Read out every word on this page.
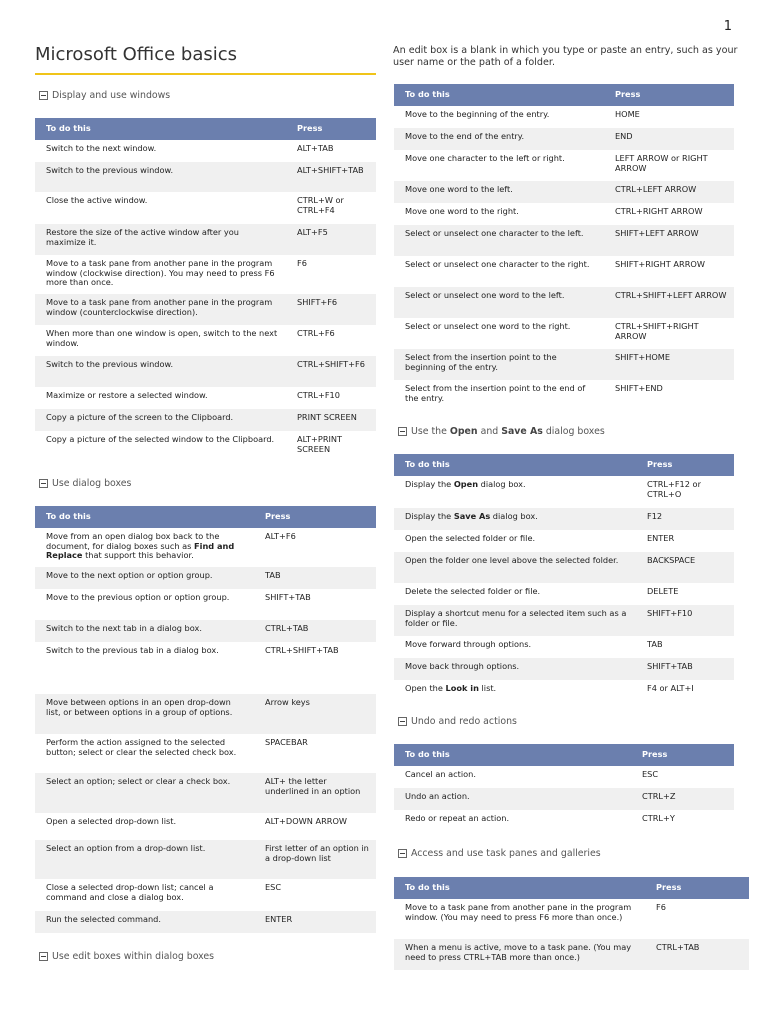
1
Microsoft Office basics	An edit box is a blank in which you type or paste an entry, such as your user name or the path of a folder.
Display and use windows
To do this	Press
Switch to the next window.	ALT+TAB
Switch to the previous window.	ALT+SHIFT+TAB
Close the active window.	CTRL+W or CTRL+F4
Restore the size of the active window after you maximize it.	ALT+F5
Move to a task pane from another pane in the program window (clockwise direction). You may need to press F6 more than once.	F6
Move to a task pane from another pane in the program window (counterclockwise direction).	SHIFT+F6
When more than one window is open, switch to the next window.	CTRL+F6
Switch to the previous window.	CTRL+SHIFT+F6
Maximize or restore a selected window.	CTRL+F10
Copy a picture of the screen to the Clipboard.	PRINT SCREEN
Copy a picture of the selected window to the Clipboard.	ALT+PRINT SCREEN
Use dialog boxes
To do this	Press
Move from an open dialog box back to the document, for dialog boxes such as Find and Replace that support this behavior.	ALT+F6
Move to the next option or option group.	TAB
Move to the previous option or option group.	SHIFT+TAB
Switch to the next tab in a dialog box.	CTRL+TAB
Switch to the previous tab in a dialog box.	CTRL+SHIFT+TAB
Move between options in an open drop-down list, or between options in a group of options.	Arrow keys
Perform the action assigned to the selected button; select or clear the selected check box.	SPACEBAR
Select an option; select or clear a check box.	ALT+ the letter underlined in an option
Open a selected drop-down list.	ALT+DOWN ARROW
Select an option from a drop-down list.	First letter of an option in a drop-down list
Close a selected drop-down list; cancel a command and close a dialog box.	ESC
Run the selected command.	ENTER
Use edit boxes within dialog boxes
To do this	Press
Move to the beginning of the entry.	HOME
Move to the end of the entry.	END
Move one character to the left or right.	LEFT ARROW or RIGHT ARROW
Move one word to the left.	CTRL+LEFT ARROW
Move one word to the right.	CTRL+RIGHT ARROW
Select or unselect one character to the left.	SHIFT+LEFT ARROW
Select or unselect one character to the right.	SHIFT+RIGHT ARROW
Select or unselect one word to the left.	CTRL+SHIFT+LEFT ARROW
Select or unselect one word to the right.	CTRL+SHIFT+RIGHT ARROW
Select from the insertion point to the beginning of the entry.	SHIFT+HOME
Select from the insertion point to the end of the entry.	SHIFT+END
Use the Open and Save As dialog boxes
To do this	Press
Display the Open dialog box.	CTRL+F12 or CTRL+O
Display the Save As dialog box.	F12
Open the selected folder or file.	ENTER
Open the folder one level above the selected folder.	BACKSPACE
Delete the selected folder or file.	DELETE
Display a shortcut menu for a selected item such as a folder or file.	SHIFT+F10
Move forward through options.	TAB
Move back through options.	SHIFT+TAB
Open the Look in list.	F4 or ALT+I
Undo and redo actions
To do this	Press
Cancel an action.	ESC
Undo an action.	CTRL+Z
Redo or repeat an action.	CTRL+Y
Access and use task panes and galleries
To do this	Press
Move to a task pane from another pane in the program window. (You may need to press F6 more than once.)	F6
When a menu is active, move to a task pane. (You may need to press CTRL+TAB more than once.)	CTRL+TAB
